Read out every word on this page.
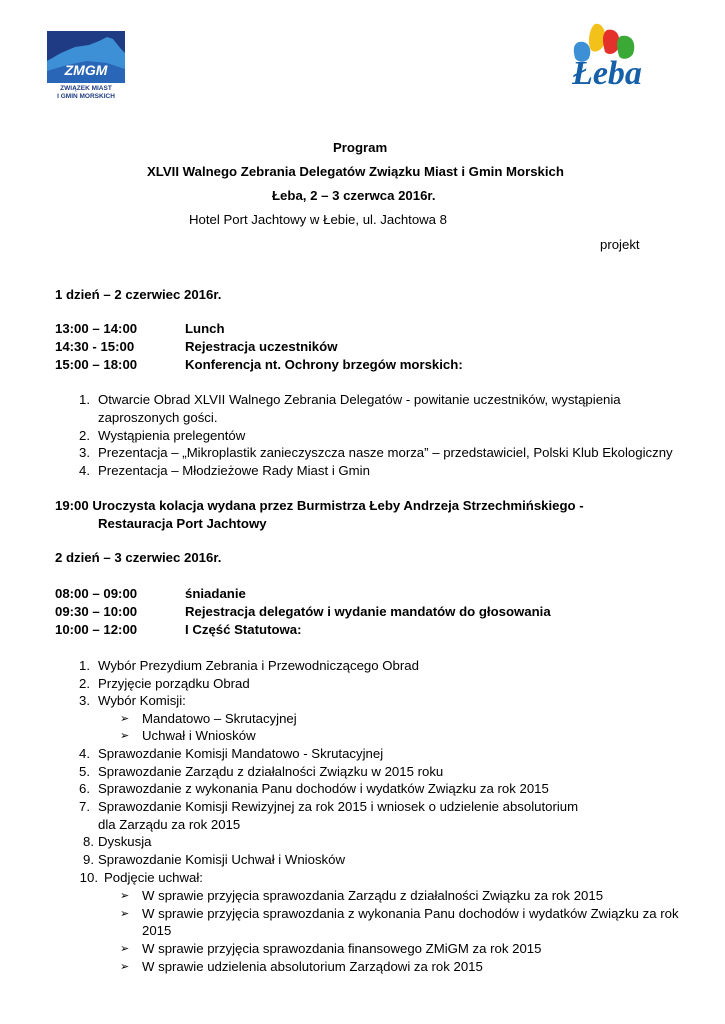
ZMGM
ZWIĄZEK MIAST
I GMIN MORSKICH
Łeba
Program
XLVII Walnego Zebrania Delegatów Związku Miast i Gmin Morskich
Łeba, 2 – 3 czerwca 2016r.
Hotel Port Jachtowy w Łebie, ul. Jachtowa 8
projekt
1 dzień – 2 czerwiec 2016r.
13:00 – 14:00	Lunch
14:30 - 15:00	Rejestracja uczestników
15:00 – 18:00	Konferencja nt. Ochrony brzegów morskich:
1. Otwarcie Obrad XLVII Walnego Zebrania Delegatów - powitanie uczestników, wystąpienia
zaproszonych gości.
2. Wystąpienia prelegentów
3. Prezentacja – „Mikroplastik zanieczyszcza nasze morza” – przedstawiciel, Polski Klub Ekologiczny
4. Prezentacja – Młodzieżowe Rady Miast i Gmin
19:00 Uroczysta kolacja wydana przez Burmistrza Łeby Andrzeja Strzechmińskiego -
Restauracja Port Jachtowy
2 dzień – 3 czerwiec 2016r.
08:00 – 09:00	śniadanie
09:30 – 10:00	Rejestracja delegatów i wydanie mandatów do głosowania
10:00 – 12:00	I Część Statutowa:
1. Wybór Prezydium Zebrania i Przewodniczącego Obrad
2. Przyjęcie porządku Obrad
3. Wybór Komisji:
➢ Mandatowo – Skrutacyjnej
➢ Uchwał i Wniosków
4. Sprawozdanie Komisji Mandatowo - Skrutacyjnej
5. Sprawozdanie Zarządu z działalności Związku w 2015 roku
6. Sprawozdanie z wykonania Panu dochodów i wydatków Związku za rok 2015
7. Sprawozdanie Komisji Rewizyjnej za rok 2015 i wniosek o udzielenie absolutorium
dla Zarządu za rok 2015
8. Dyskusja
9. Sprawozdanie Komisji Uchwał i Wniosków
10. Podjęcie uchwał:
➢ W sprawie przyjęcia sprawozdania Zarządu z działalności Związku za rok 2015
➢ W sprawie przyjęcia sprawozdania z wykonania Panu dochodów i wydatków Związku za rok
2015
➢ W sprawie przyjęcia sprawozdania finansowego ZMiGM za rok 2015
➢ W sprawie udzielenia absolutorium Zarządowi za rok 2015
